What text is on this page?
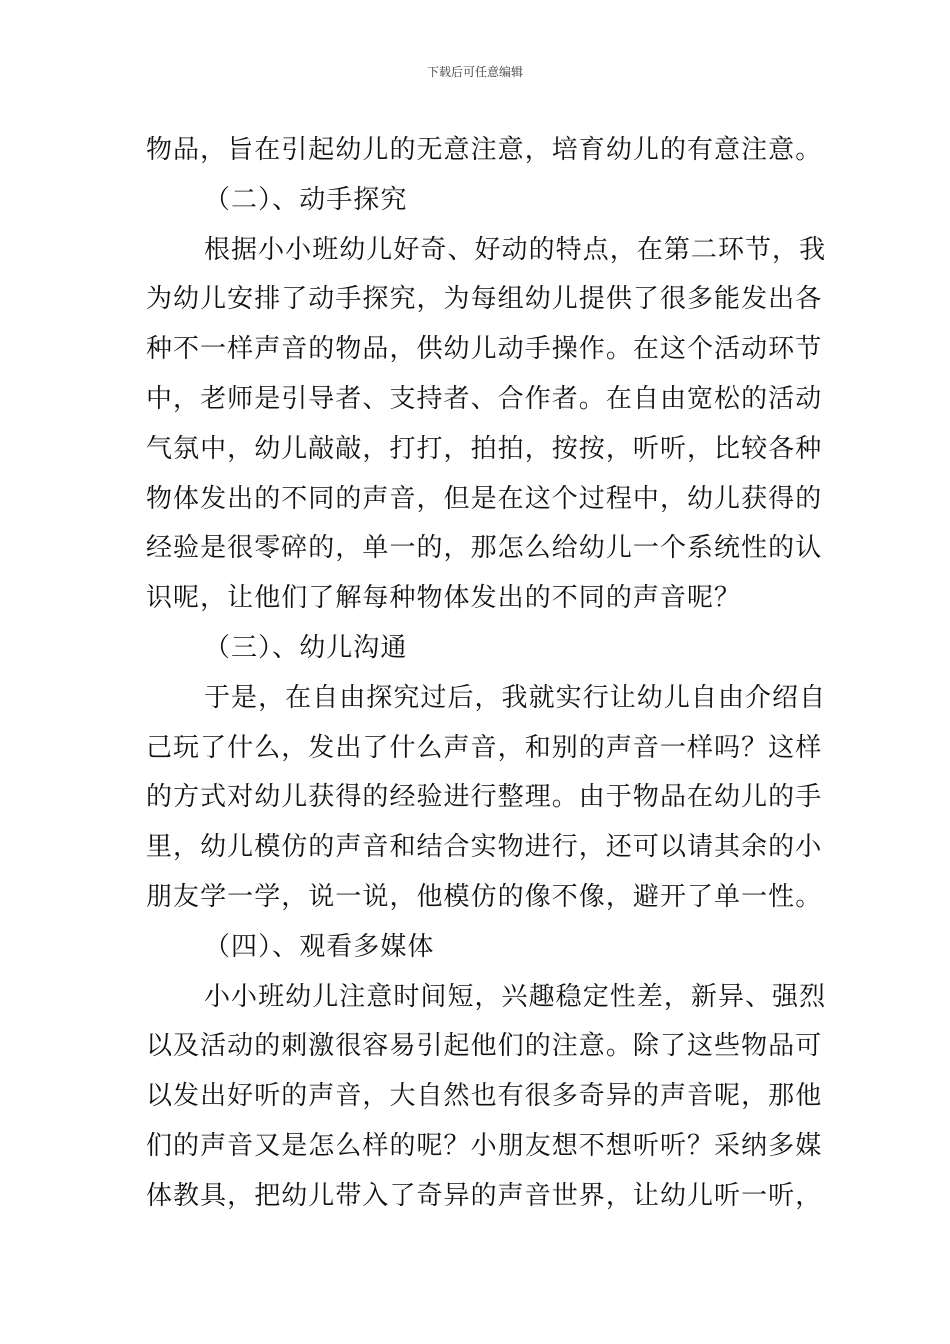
下载后可任意编辑
物品，旨在引起幼儿的无意注意，培育幼儿的有意注意。
（二）、动手探究
根据小小班幼儿好奇、好动的特点，在第二环节，我
为幼儿安排了动手探究，为每组幼儿提供了很多能发出各
种不一样声音的物品，供幼儿动手操作。在这个活动环节
中，老师是引导者、支持者、合作者。在自由宽松的活动
气氛中，幼儿敲敲，打打，拍拍，按按，听听，比较各种
物体发出的不同的声音，但是在这个过程中，幼儿获得的
经验是很零碎的，单一的，那怎么给幼儿一个系统性的认
识呢，让他们了解每种物体发出的不同的声音呢？
（三）、幼儿沟通
于是，在自由探究过后，我就实行让幼儿自由介绍自
己玩了什么，发出了什么声音，和别的声音一样吗？这样
的方式对幼儿获得的经验进行整理。由于物品在幼儿的手
里，幼儿模仿的声音和结合实物进行，还可以请其余的小
朋友学一学，说一说，他模仿的像不像，避开了单一性。
（四）、观看多媒体
小小班幼儿注意时间短，兴趣稳定性差，新异、强烈
以及活动的刺激很容易引起他们的注意。除了这些物品可
以发出好听的声音，大自然也有很多奇异的声音呢，那他
们的声音又是怎么样的呢？小朋友想不想听听？采纳多媒
体教具，把幼儿带入了奇异的声音世界，让幼儿听一听，
